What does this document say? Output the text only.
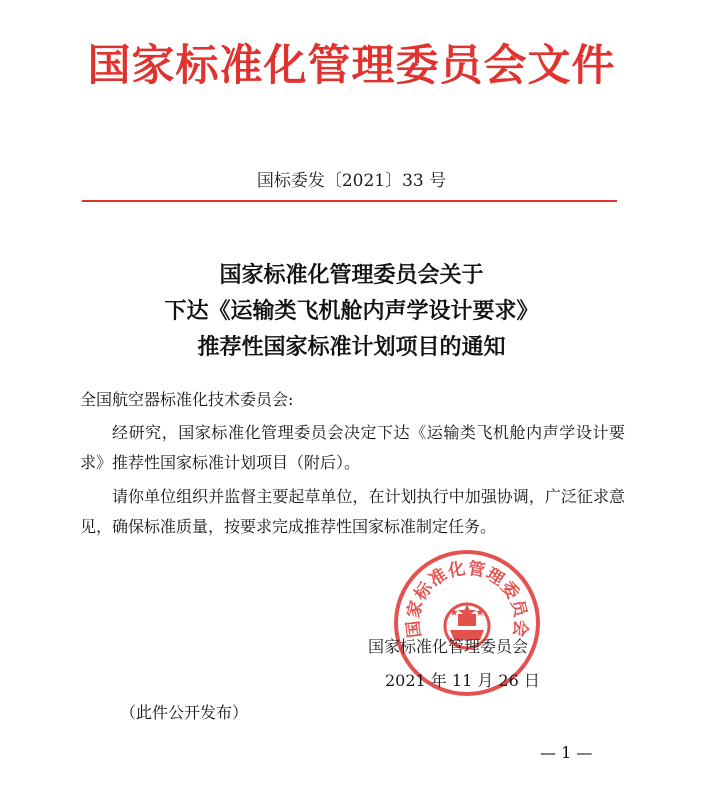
国家标准化管理委员会文件
国标委发〔2021〕33 号
国家标准化管理委员会关于
下达《运输类飞机舱内声学设计要求》
推荐性国家标准计划项目的通知
全国航空器标准化技术委员会:
经研究，国家标准化管理委员会决定下达《运输类飞机舱内声学设计要求》推荐性国家标准计划项目（附后）。
请你单位组织并监督主要起草单位，在计划执行中加强协调，广泛征求意见，确保标准质量，按要求完成推荐性国家标准制定任务。
国家标准化管理委员会
国家标准化管理委员会
2021 年 11 月 26 日
（此件公开发布）
— 1 —
